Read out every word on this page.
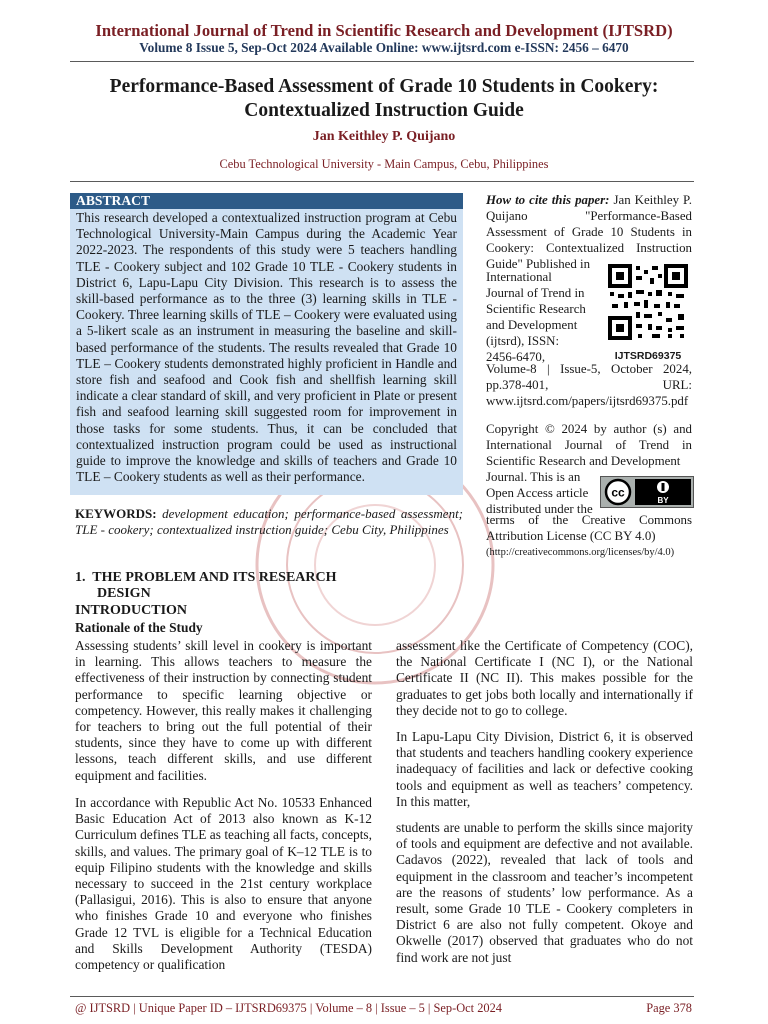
International Journal of Trend in Scientific Research and Development (IJTSRD)
Volume 8 Issue 5, Sep-Oct 2024 Available Online: www.ijtsrd.com e-ISSN: 2456 – 6470
Performance-Based Assessment of Grade 10 Students in Cookery:
Contextualized Instruction Guide
Jan Keithley P. Quijano
Cebu Technological University - Main Campus, Cebu, Philippines
ABSTRACT
This research developed a contextualized instruction program at Cebu Technological University-Main Campus during the Academic Year 2022-2023. The respondents of this study were 5 teachers handling TLE - Cookery subject and 102 Grade 10 TLE - Cookery students in District 6, Lapu-Lapu City Division. This research is to assess the skill-based performance as to the three (3) learning skills in TLE - Cookery. Three learning skills of TLE – Cookery were evaluated using a 5-likert scale as an instrument in measuring the baseline and skill-based performance of the students. The results revealed that Grade 10 TLE – Cookery students demonstrated highly proficient in Handle and store fish and seafood and Cook fish and shellfish learning skill indicate a clear standard of skill, and very proficient in Plate or present fish and seafood learning skill suggested room for improvement in those tasks for some students. Thus, it can be concluded that contextualized instruction program could be used as instructional guide to improve the knowledge and skills of teachers and Grade 10 TLE – Cookery students as well as their performance.
KEYWORDS: development education; performance-based assessment; TLE - cookery; contextualized instruction guide; Cebu City, Philippines
How to cite this paper: Jan Keithley P. Quijano "Performance-Based Assessment of Grade 10 Students in Cookery: Contextualized Instruction Guide" Published in
International Journal of Trend in Scientific Research and Development (ijtsrd), ISSN: 2456-6470,
Volume-8 | Issue-5, October 2024, pp.378-401, URL: www.ijtsrd.com/papers/ijtsrd69375.pdf
IJTSRD69375
Copyright © 2024 by author (s) and International Journal of Trend in Scientific Research and Development
Journal. This is an Open Access article distributed under the
cc
BY
terms of the Creative Commons Attribution License (CC BY 4.0)
(http://creativecommons.org/licenses/by/4.0)
1. THE PROBLEM AND ITS RESEARCH
DESIGN
INTRODUCTION
Rationale of the Study
Assessing students’ skill level in cookery is important in learning. This allows teachers to measure the effectiveness of their instruction by connecting student performance to specific learning objective or competency. However, this really makes it challenging for teachers to bring out the full potential of their students, since they have to come up with different lessons, teach different skills, and use different equipment and facilities.
In accordance with Republic Act No. 10533 Enhanced Basic Education Act of 2013 also known as K-12 Curriculum defines TLE as teaching all facts, concepts, skills, and values. The primary goal of K–12 TLE is to equip Filipino students with the knowledge and skills necessary to succeed in the 21st century workplace (Pallasigui, 2016). This is also to ensure that anyone who finishes Grade 10 and everyone who finishes Grade 12 TVL is eligible for a Technical Education and Skills Development Authority (TESDA) competency or qualification
assessment like the Certificate of Competency (COC), the National Certificate I (NC I), or the National Certificate II (NC II). This makes possible for the graduates to get jobs both locally and internationally if they decide not to go to college.
In Lapu-Lapu City Division, District 6, it is observed that students and teachers handling cookery experience inadequacy of facilities and lack or defective cooking tools and equipment as well as teachers’ competency. In this matter,
students are unable to perform the skills since majority of tools and equipment are defective and not available. Cadavos (2022), revealed that lack of tools and equipment in the classroom and teacher’s incompetent are the reasons of students’ low performance. As a result, some Grade 10 TLE - Cookery completers in District 6 are also not fully competent. Okoye and Okwelle (2017) observed that graduates who do not find work are not just
@ IJTSRD | Unique Paper ID – IJTSRD69375 | Volume – 8 | Issue – 5 | Sep-Oct 2024	Page 378
